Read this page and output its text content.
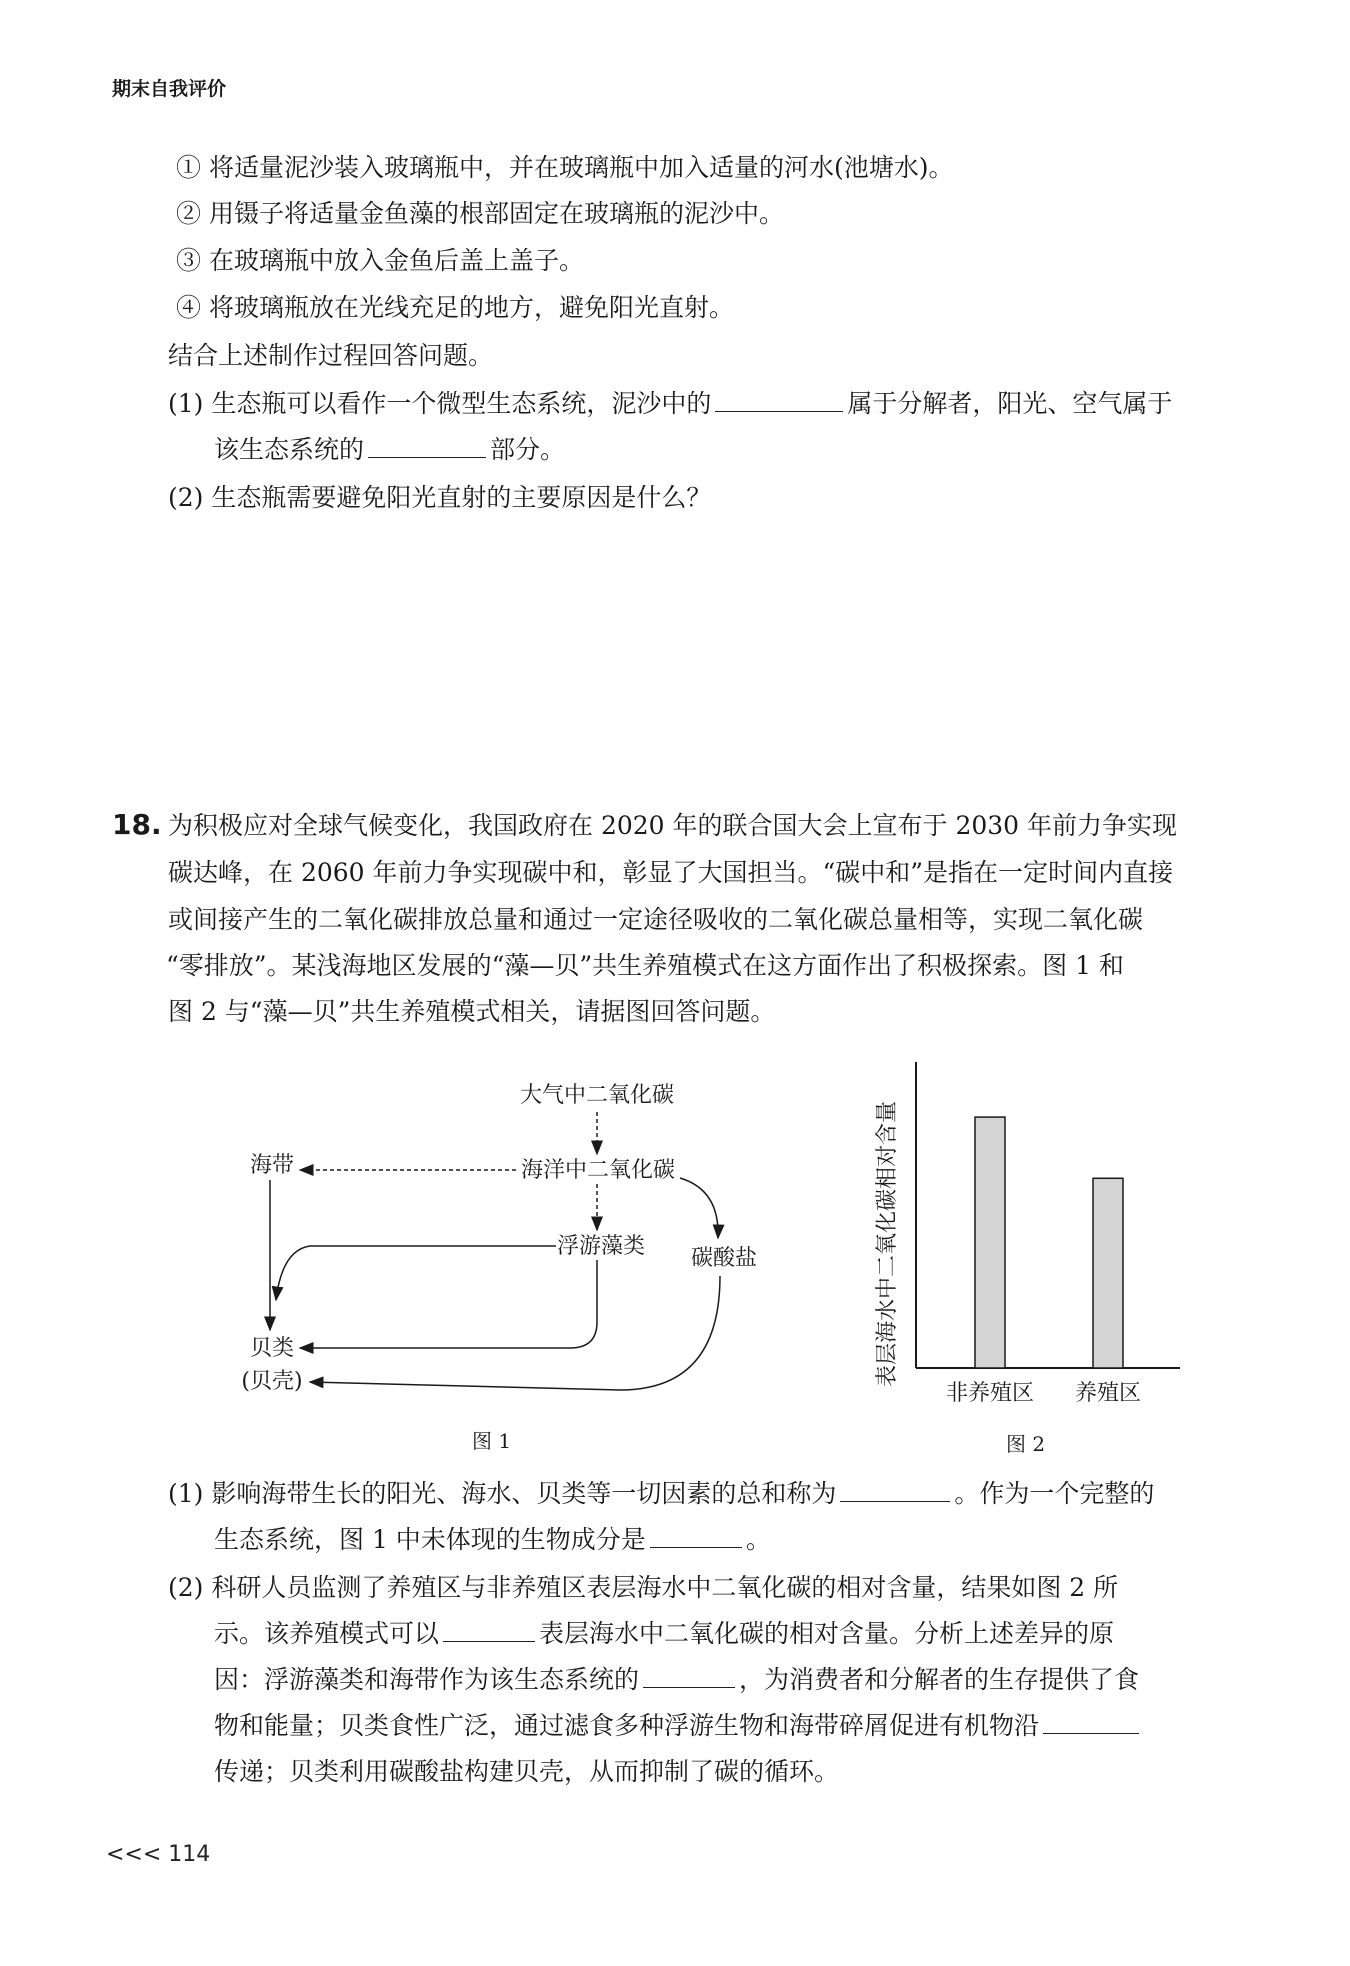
期末自我评价
① 将适量泥沙装入玻璃瓶中，并在玻璃瓶中加入适量的河水(池塘水)。
② 用镊子将适量金鱼藻的根部固定在玻璃瓶的泥沙中。
③ 在玻璃瓶中放入金鱼后盖上盖子。
④ 将玻璃瓶放在光线充足的地方，避免阳光直射。
结合上述制作过程回答问题。
(1) 生态瓶可以看作一个微型生态系统，泥沙中的	属于分解者，阳光、空气属于
该生态系统的	部分。
(2) 生态瓶需要避免阳光直射的主要原因是什么？
18. 为积极应对全球气候变化，我国政府在 2020 年的联合国大会上宣布于 2030 年前力争实现
碳达峰，在 2060 年前力争实现碳中和，彰显了大国担当。“碳中和”是指在一定时间内直接
或间接产生的二氧化碳排放总量和通过一定途径吸收的二氧化碳总量相等，实现二氧化碳
“零排放”。某浅海地区发展的“藻—贝”共生养殖模式在这方面作出了积极探索。图 1 和
图 2 与“藻—贝”共生养殖模式相关，请据图回答问题。
大气中二氧化碳
海洋中二氧化碳
海带
浮游藻类 碳酸盐
贝类
(贝壳)
图 1
表层海水中二氧化碳相对含量
非养殖区 养殖区
图 2
(1) 影响海带生长的阳光、海水、贝类等一切因素的总和称为	。作为一个完整的
生态系统，图 1 中未体现的生物成分是	。
(2) 科研人员监测了养殖区与非养殖区表层海水中二氧化碳的相对含量，结果如图 2 所
示。该养殖模式可以	表层海水中二氧化碳的相对含量。分析上述差异的原
因：浮游藻类和海带作为该生态系统的	，为消费者和分解者的生存提供了食
物和能量；贝类食性广泛，通过滤食多种浮游生物和海带碎屑促进有机物沿
传递；贝类利用碳酸盐构建贝壳，从而抑制了碳的循环。
<<< 114
